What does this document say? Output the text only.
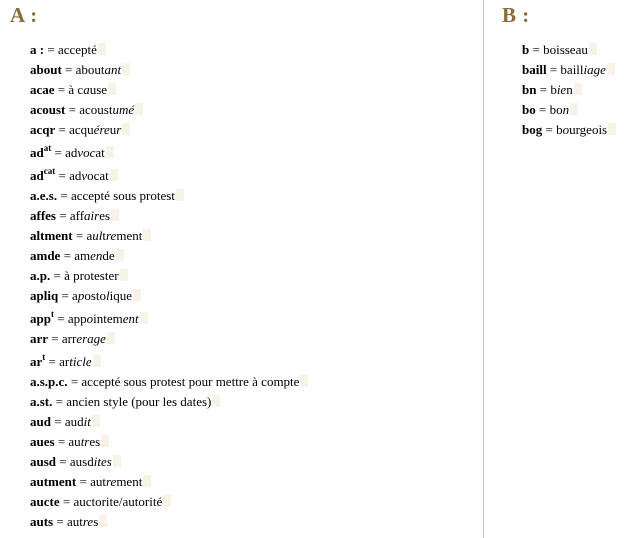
A :
a : = accepté
about = aboutant
acae = à cause
acoust = acoustumé
acqr = acquéreur
$ad^{at}$ = advocat
$ad^{cat}$ = advocat
a.e.s. = accepté sous protest
affes = affaires
altment = aultrement
amde = amende
a.p. = à protester
apliq = apostolique
app$^t$ = appointement
arr = arrerage
$ar^t$ = article
a.s.p.c. = accepté sous protest pour mettre à compte
a.st. = ancien style (pour les dates)
aud = audit
aues = autres
ausd = ausdites
autment = autrement
aucte = auctorite/autorité
auts = autres
B :
b = boisseau
baill = bailliage
bn = bien
bo = bon
bog = bourgeois
